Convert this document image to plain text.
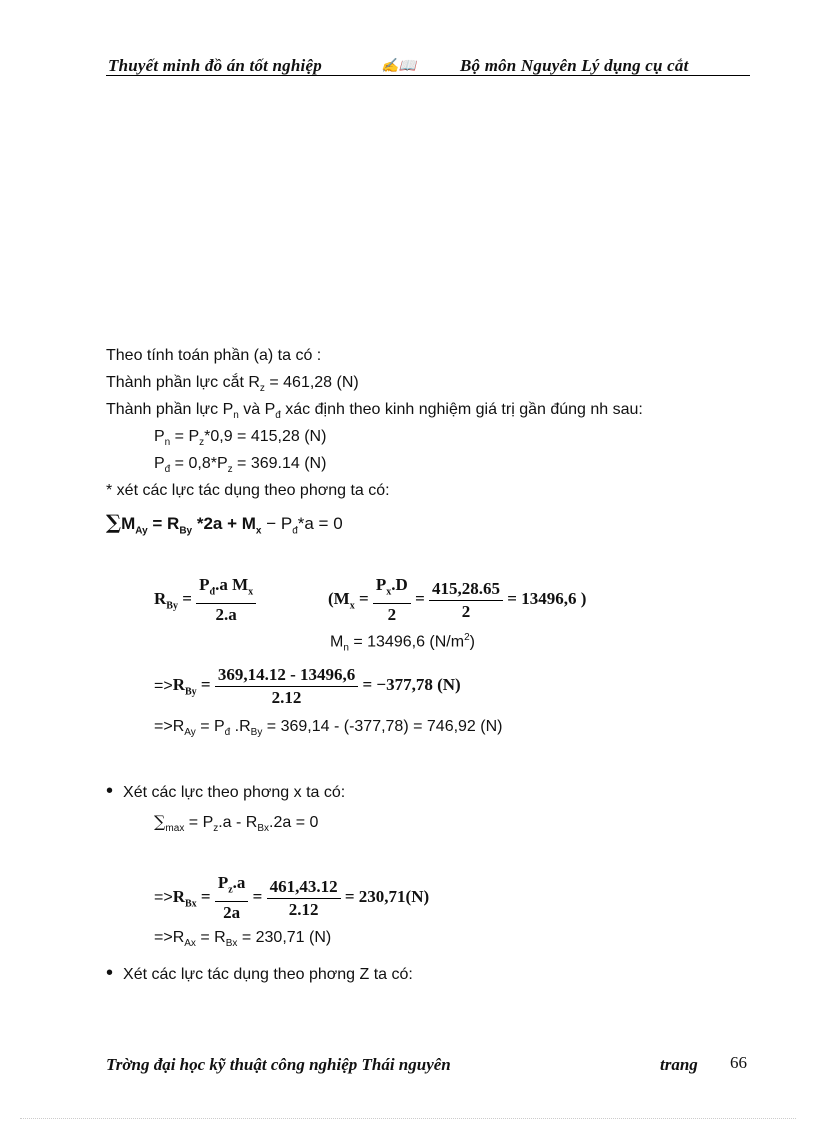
Thuyết minh đồ án tốt nghiệp	✍📖	Bộ môn Nguyên Lý dụng cụ cắt
Theo tính toán phần (a) ta có :
Thành phần lực cắt $R_z = 461,28$ (N)
Thành phần lực $P_n$ và $P_đ$ xác định theo kinh nghiệm giá trị gần đúng nh sau:
$P_n = P_z*0,9 = 415,28$ (N)
$P_đ = 0,8*P_z = 369.14$ (N)
* xét các lực tác dụng theo phơng ta có:
$\sum M_{Ay} = R_{By}$ $*2a + M_x - P_đ*a = 0$
$R_{By} = \frac{P_đ.a M_x}{2.a}$	($M_x = \frac{P_x.D}{2} = \frac{415,28.65}{2} = 13496,6$ )
$M_n = 13496,6$ $(N/m^2)$
$=>R_{By} = \frac{369,14.12 - 13496,6}{2.12} = -377,78$ (N)
$=>R_{Ay} = P_đ$ $.R_{By} = 369,14 - (-377,78) = 746,92$ (N)
• Xét các lực theo phơng x ta có:
$\sum_{max} = P_z.a - R_{Bx}.2a = 0$
$=>R_{Bx} = \frac{P_z.a}{2a} = \frac{461,43.12}{2.12} = 230,71(N)$
$=>R_{Ax} = R_{Bx} = 230,71$ (N)
• Xét các lực tác dụng theo phơng Z ta có:
Trờng đại học kỹ thuật công nghiệp Thái nguyên	trang 66
